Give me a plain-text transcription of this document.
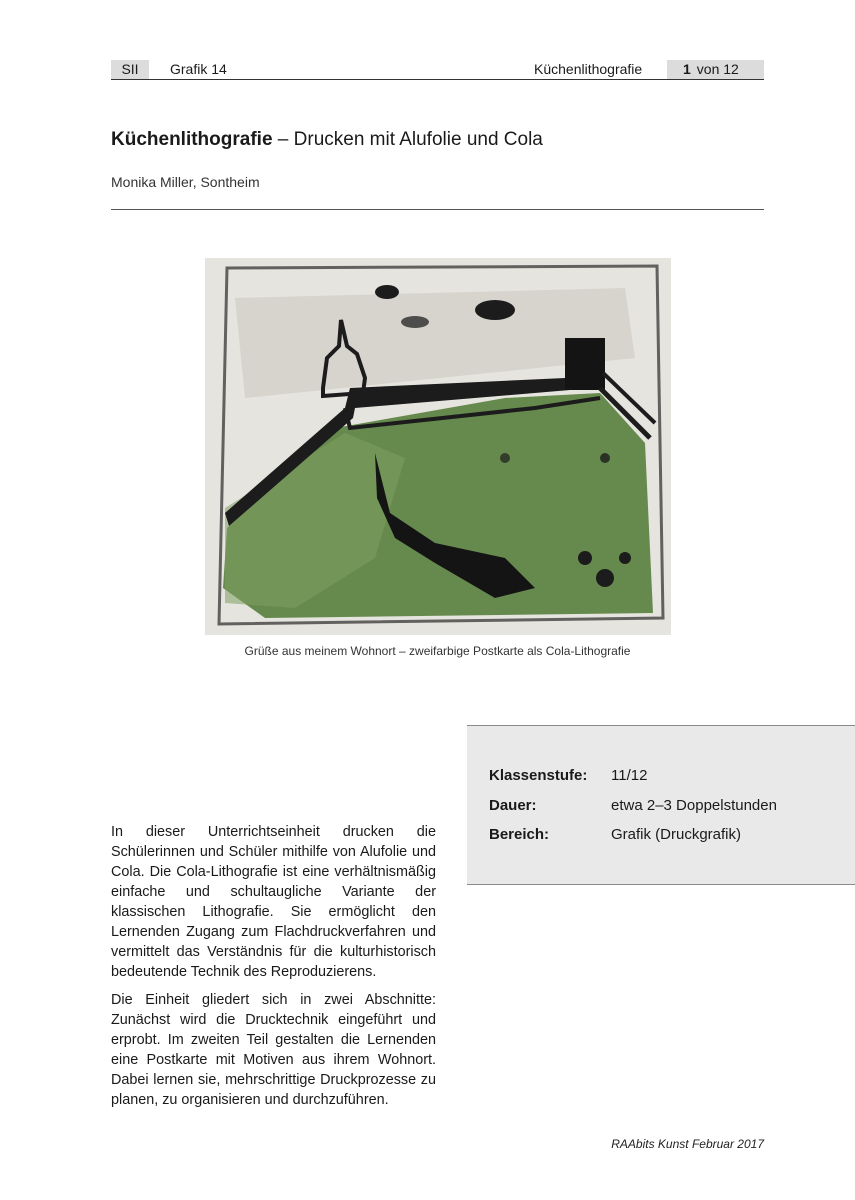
SII	Grafik 14	Küchenlithografie	1 von 12
Küchenlithografie – Drucken mit Alufolie und Cola
Monika Miller, Sontheim
Grüße aus meinem Wohnort – zweifarbige Postkarte als Cola-Lithografie
Klassenstufe: 11/12
Dauer:	etwa 2–3 Doppelstunden
Bereich:	Grafik (Druckgrafik)

In dieser Unterrichtseinheit drucken die Schülerinnen und Schüler mithilfe von Alufolie und Cola. Die Cola-Lithografie ist eine verhältnismäßig einfache und schultaugliche Variante der klassischen Lithografie. Sie ermöglicht den Lernenden Zugang zum Flachdruckverfahren und vermittelt das Verständnis für die kulturhistorisch bedeutende Technik des Reproduzierens.

Die Einheit gliedert sich in zwei Abschnitte: Zunächst wird die Drucktechnik eingeführt und erprobt. Im zweiten Teil gestalten die Lernenden eine Postkarte mit Motiven aus ihrem Wohnort. Dabei lernen sie, mehrschrittige Druckprozesse zu planen, zu organisieren und durchzuführen.

RAAbits Kunst Februar 2017
